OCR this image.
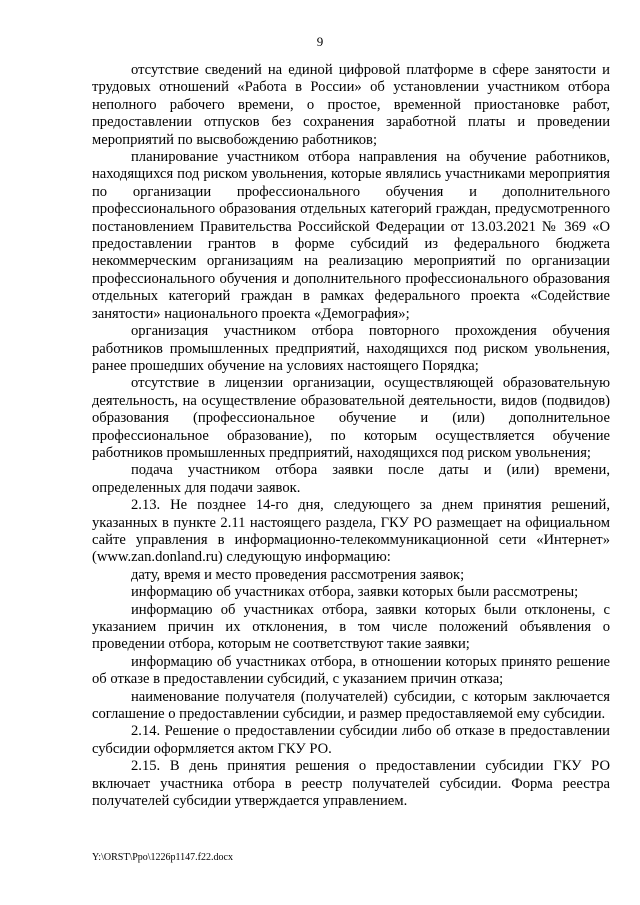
9

отсутствие сведений на единой цифровой платформе в сфере занятости и трудовых отношений «Работа в России» об установлении участником отбора неполного рабочего времени, о простое, временной приостановке работ, предоставлении отпусков без сохранения заработной платы и проведении мероприятий по высвобождению работников;

планирование участником отбора направления на обучение работников, находящихся под риском увольнения, которые являлись участниками мероприятия по организации профессионального обучения и дополнительного профессионального образования отдельных категорий граждан, предусмотренного постановлением Правительства Российской Федерации от 13.03.2021 № 369 «О предоставлении грантов в форме субсидий из федерального бюджета некоммерческим организациям на реализацию мероприятий по организации профессионального обучения и дополнительного профессионального образования отдельных категорий граждан в рамках федерального проекта «Содействие занятости» национального проекта «Демография»;

организация участником отбора повторного прохождения обучения работников промышленных предприятий, находящихся под риском увольнения, ранее прошедших обучение на условиях настоящего Порядка;

отсутствие в лицензии организации, осуществляющей образовательную деятельность, на осуществление образовательной деятельности, видов (подвидов) образования (профессиональное обучение и (или) дополнительное профессиональное образование), по которым осуществляется обучение работников промышленных предприятий, находящихся под риском увольнения;

подача участником отбора заявки после даты и (или) времени, определенных для подачи заявок.

2.13. Не позднее 14-го дня, следующего за днем принятия решений, указанных в пункте 2.11 настоящего раздела, ГКУ РО размещает на официальном сайте управления в информационно-телекоммуникационной сети «Интернет» (www.zan.donland.ru) следующую информацию:

дату, время и место проведения рассмотрения заявок;

информацию об участниках отбора, заявки которых были рассмотрены;

информацию об участниках отбора, заявки которых были отклонены, с указанием причин их отклонения, в том числе положений объявления о проведении отбора, которым не соответствуют такие заявки;

информацию об участниках отбора, в отношении которых принято решение об отказе в предоставлении субсидий, с указанием причин отказа;

наименование получателя (получателей) субсидии, с которым заключается соглашение о предоставлении субсидии, и размер предоставляемой ему субсидии.

2.14. Решение о предоставлении субсидии либо об отказе в предоставлении субсидии оформляется актом ГКУ РО.

2.15. В день принятия решения о предоставлении субсидии ГКУ РО включает участника отбора в реестр получателей субсидии. Форма реестра получателей субсидии утверждается управлением.

Y:\ORST\Ppo\1226p1147.f22.docx
